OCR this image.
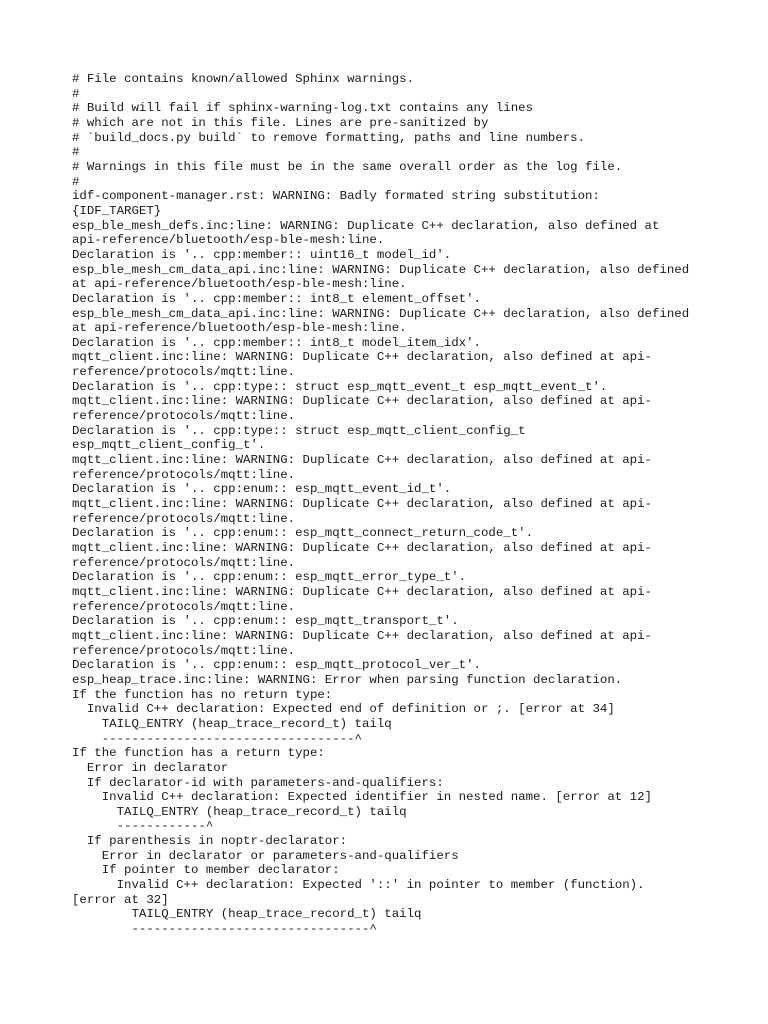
# File contains known/allowed Sphinx warnings.
#
# Build will fail if sphinx-warning-log.txt contains any lines
# which are not in this file. Lines are pre-sanitized by
# `build_docs.py build` to remove formatting, paths and line numbers.
#
# Warnings in this file must be in the same overall order as the log file.
#
idf-component-manager.rst: WARNING: Badly formated string substitution:
{IDF_TARGET}
esp_ble_mesh_defs.inc:line: WARNING: Duplicate C++ declaration, also defined at
api-reference/bluetooth/esp-ble-mesh:line.
Declaration is '.. cpp:member:: uint16_t model_id'.
esp_ble_mesh_cm_data_api.inc:line: WARNING: Duplicate C++ declaration, also defined
at api-reference/bluetooth/esp-ble-mesh:line.
Declaration is '.. cpp:member:: int8_t element_offset'.
esp_ble_mesh_cm_data_api.inc:line: WARNING: Duplicate C++ declaration, also defined
at api-reference/bluetooth/esp-ble-mesh:line.
Declaration is '.. cpp:member:: int8_t model_item_idx'.
mqtt_client.inc:line: WARNING: Duplicate C++ declaration, also defined at api-
reference/protocols/mqtt:line.
Declaration is '.. cpp:type:: struct esp_mqtt_event_t esp_mqtt_event_t'.
mqtt_client.inc:line: WARNING: Duplicate C++ declaration, also defined at api-
reference/protocols/mqtt:line.
Declaration is '.. cpp:type:: struct esp_mqtt_client_config_t
esp_mqtt_client_config_t'.
mqtt_client.inc:line: WARNING: Duplicate C++ declaration, also defined at api-
reference/protocols/mqtt:line.
Declaration is '.. cpp:enum:: esp_mqtt_event_id_t'.
mqtt_client.inc:line: WARNING: Duplicate C++ declaration, also defined at api-
reference/protocols/mqtt:line.
Declaration is '.. cpp:enum:: esp_mqtt_connect_return_code_t'.
mqtt_client.inc:line: WARNING: Duplicate C++ declaration, also defined at api-
reference/protocols/mqtt:line.
Declaration is '.. cpp:enum:: esp_mqtt_error_type_t'.
mqtt_client.inc:line: WARNING: Duplicate C++ declaration, also defined at api-
reference/protocols/mqtt:line.
Declaration is '.. cpp:enum:: esp_mqtt_transport_t'.
mqtt_client.inc:line: WARNING: Duplicate C++ declaration, also defined at api-
reference/protocols/mqtt:line.
Declaration is '.. cpp:enum:: esp_mqtt_protocol_ver_t'.
esp_heap_trace.inc:line: WARNING: Error when parsing function declaration.
If the function has no return type:
Invalid C++ declaration: Expected end of definition or ;. [error at 34]
TAILQ_ENTRY (heap_trace_record_t) tailq
----------------------------------^
If the function has a return type:
Error in declarator
If declarator-id with parameters-and-qualifiers:
Invalid C++ declaration: Expected identifier in nested name. [error at 12]
TAILQ_ENTRY (heap_trace_record_t) tailq
------------^
If parenthesis in noptr-declarator:
Error in declarator or parameters-and-qualifiers
If pointer to member declarator:
Invalid C++ declaration: Expected '::' in pointer to member (function).
[error at 32]
TAILQ_ENTRY (heap_trace_record_t) tailq
--------------------------------^
